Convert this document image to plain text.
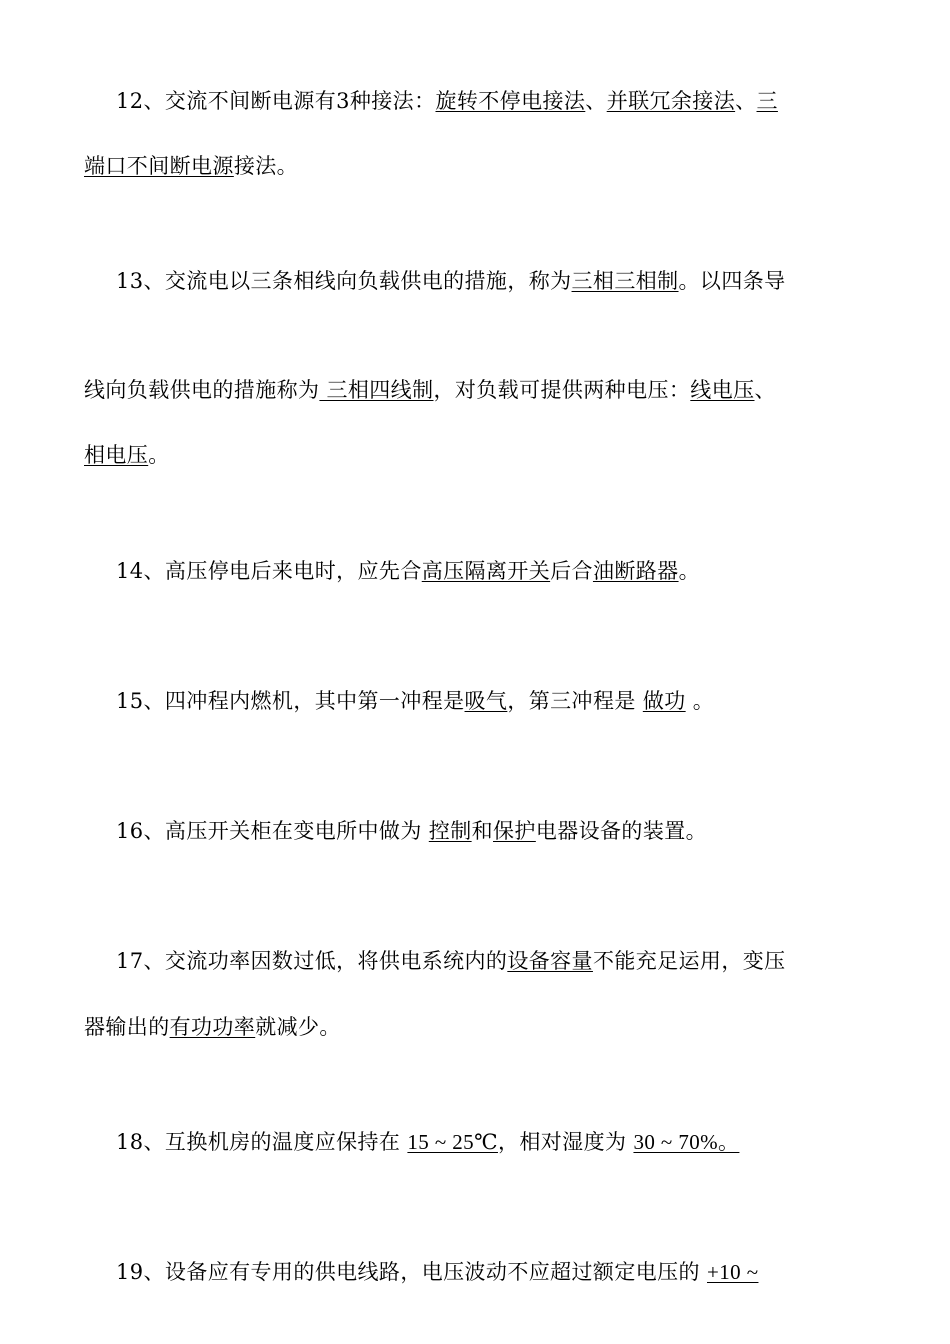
12、交流不间断电源有3种接法：旋转不停电接法、并联冗余接法、三
端口不间断电源接法。
13、交流电以三条相线向负载供电的措施，称为三相三相制。以四条导
线向负载供电的措施称为 三相四线制，对负载可提供两种电压：线电压、
相电压。
14、高压停电后来电时，应先合高压隔离开关后合油断路器。
15、四冲程内燃机，其中第一冲程是吸气，第三冲程是 做功 。
16、高压开关柜在变电所中做为 控制和保护电器设备的装置。
17、交流功率因数过低，将供电系统内的设备容量不能充足运用，变压
器输出的有功功率就减少。
18、互换机房的温度应保持在 15 ~ 25℃，相对湿度为 30 ~ 70%。
19、设备应有专用的供电线路，电压波动不应超过额定电压的 +10 ~
